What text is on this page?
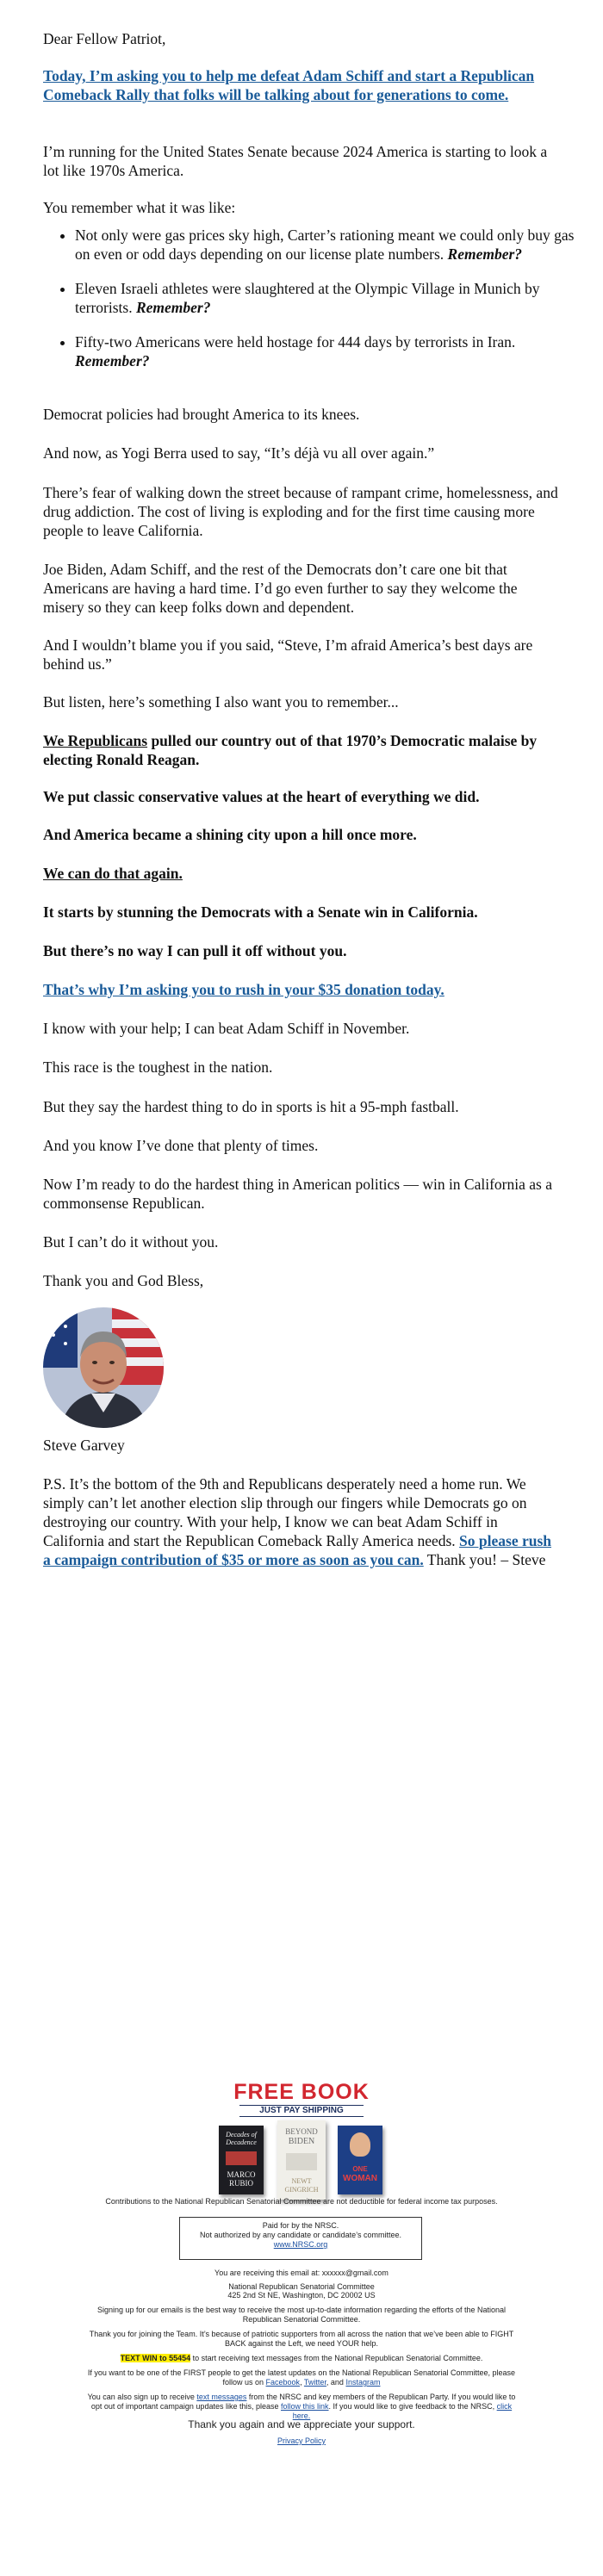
Dear Fellow Patriot,

Today, I’m asking you to help me defeat Adam Schiff and start a Republican Comeback Rally that folks will be talking about for generations to come.

I’m running for the United States Senate because 2024 America is starting to look a lot like 1970s America.

You remember what it was like:

• Not only were gas prices sky high, Carter’s rationing meant we could only buy gas on even or odd days depending on our license plate numbers. Remember?
• Eleven Israeli athletes were slaughtered at the Olympic Village in Munich by terrorists. Remember?
• Fifty-two Americans were held hostage for 444 days by terrorists in Iran. Remember?

Democrat policies had brought America to its knees.

And now, as Yogi Berra used to say, “It’s déjà vu all over again.”

There’s fear of walking down the street because of rampant crime, homelessness, and drug addiction. The cost of living is exploding and for the first time causing more people to leave California.

Joe Biden, Adam Schiff, and the rest of the Democrats don’t care one bit that Americans are having a hard time. I’d go even further to say they welcome the misery so they can keep folks down and dependent.

And I wouldn’t blame you if you said, “Steve, I’m afraid America’s best days are behind us.”

But listen, here’s something I also want you to remember...

We Republicans pulled our country out of that 1970’s Democratic malaise by electing Ronald Reagan.

We put classic conservative values at the heart of everything we did.

And America became a shining city upon a hill once more.

We can do that again.

It starts by stunning the Democrats with a Senate win in California.

But there’s no way I can pull it off without you.

That’s why I’m asking you to rush in your $35 donation today.

I know with your help; I can beat Adam Schiff in November.

This race is the toughest in the nation.

But they say the hardest thing to do in sports is hit a 95-mph fastball.

And you know I’ve done that plenty of times.

Now I’m ready to do the hardest thing in American politics — win in California as a commonsense Republican.

But I can’t do it without you.

Thank you and God Bless,

Steve Garvey

P.S. It’s the bottom of the 9th and Republicans desperately need a home run. We simply can’t let another election slip through our fingers while Democrats go on destroying our country. With your help, I know we can beat Adam Schiff in California and start the Republican Comeback Rally America needs. So please rush a campaign contribution of $35 or more as soon as you can. Thank you! – Steve

FREE BOOK
JUST PAY SHIPPING
Decades of
Decadence
MARCO
RUBIO
BEYOND
BIDEN
NEWT
GINGRICH
ONE
WOMAN

Contributions to the National Republican Senatorial Committee are not deductible for federal income tax purposes.

Paid for by the NRSC.
Not authorized by any candidate or candidate’s committee.
www.NRSC.org

You are receiving this email at: xxxxxx@gmail.com

National Republican Senatorial Committee

425 2nd St NE, Washington, DC 20002 US

Signing up for our emails is the best way to receive the most up-to-date information regarding the efforts of the National Republican Senatorial Committee.

Thank you for joining the Team. It’s because of patriotic supporters from all across the nation that we’ve been able to FIGHT BACK against the Left, we need YOUR help.

TEXT WIN to 55454 to start receiving text messages from the National Republican Senatorial Committee.

If you want to be one of the FIRST people to get the latest updates on the National Republican Senatorial Committee, please follow us on Facebook, Twitter, and Instagram

You can also sign up to receive text messages from the NRSC and key members of the Republican Party. If you would like to opt out of important campaign updates like this, please follow this link. If you would like to give feedback to the NRSC, click here.

Thank you again and we appreciate your support.

Privacy Policy
